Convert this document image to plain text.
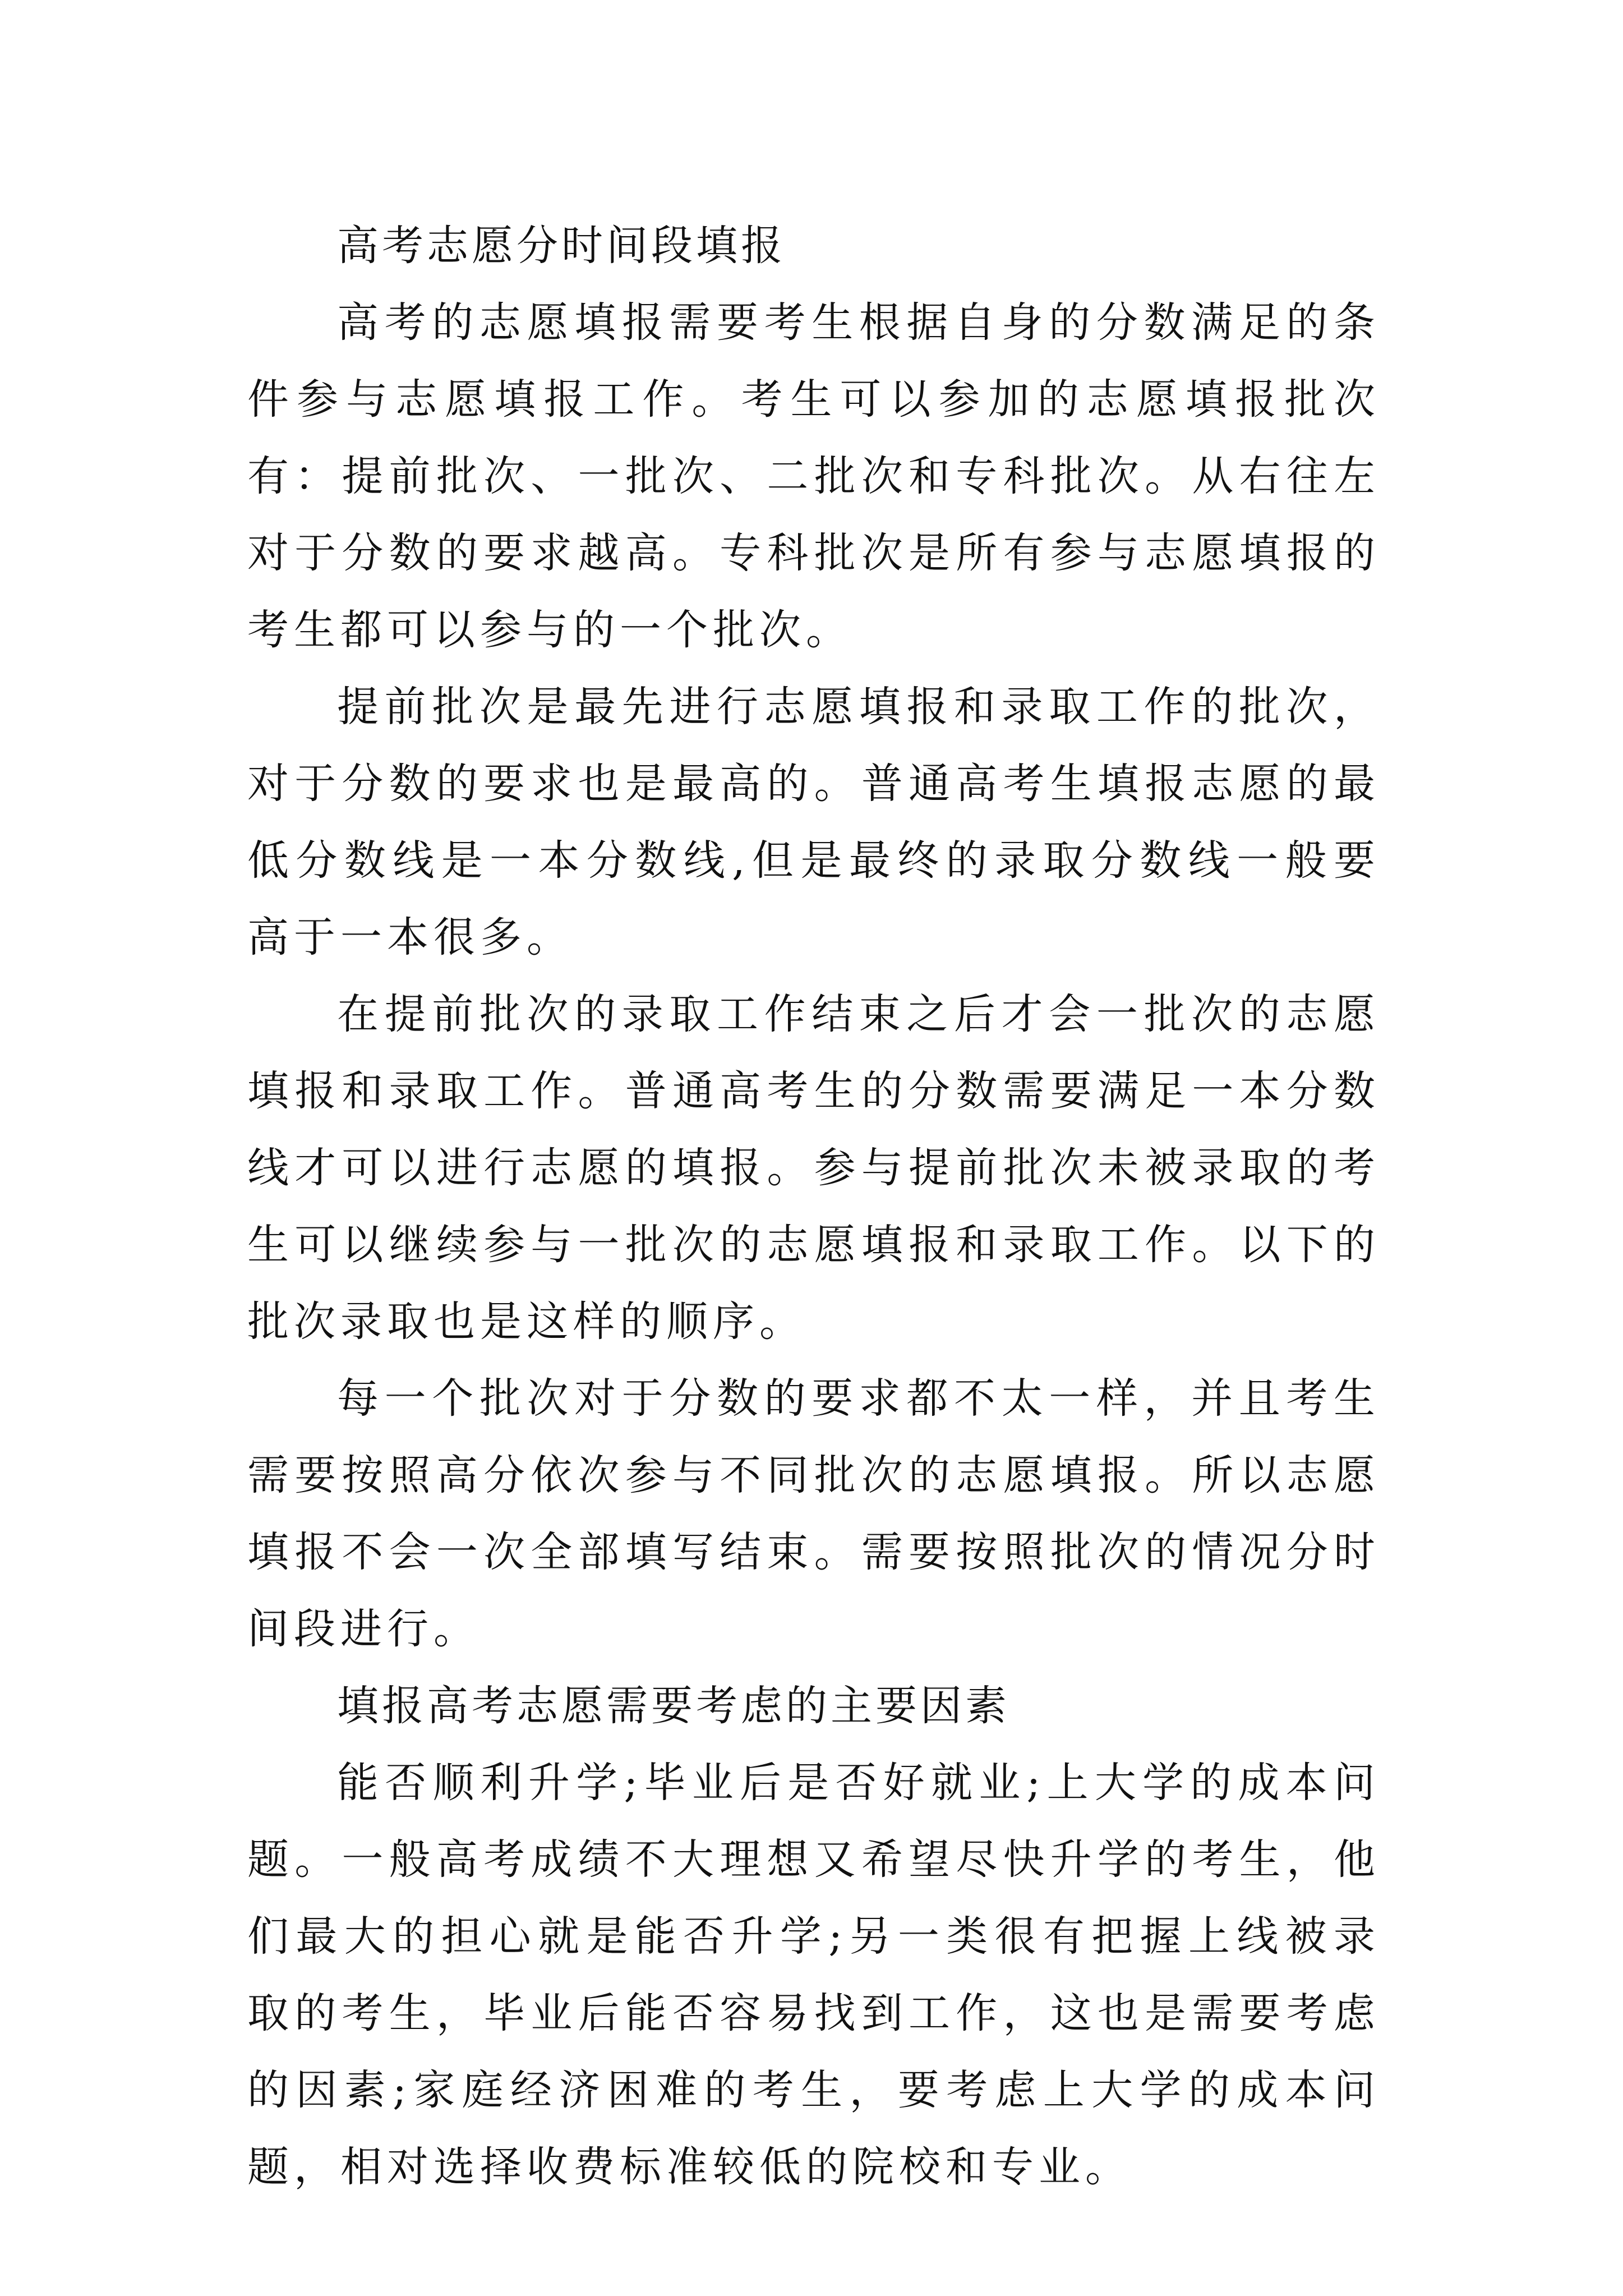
高考志愿分时间段填报

高考的志愿填报需要考生根据自身的分数满足的条件参与志愿填报工作。考生可以参加的志愿填报批次有：提前批次、一批次、二批次和专科批次。从右往左对于分数的要求越高。专科批次是所有参与志愿填报的考生都可以参与的一个批次。

提前批次是最先进行志愿填报和录取工作的批次，对于分数的要求也是最高的。普通高考生填报志愿的最低分数线是一本分数线,但是最终的录取分数线一般要高于一本很多。

在提前批次的录取工作结束之后才会一批次的志愿填报和录取工作。普通高考生的分数需要满足一本分数线才可以进行志愿的填报。参与提前批次未被录取的考生可以继续参与一批次的志愿填报和录取工作。以下的批次录取也是这样的顺序。

每一个批次对于分数的要求都不太一样，并且考生需要按照高分依次参与不同批次的志愿填报。所以志愿填报不会一次全部填写结束。需要按照批次的情况分时间段进行。

填报高考志愿需要考虑的主要因素

能否顺利升学;毕业后是否好就业;上大学的成本问题。一般高考成绩不大理想又希望尽快升学的考生，他们最大的担心就是能否升学;另一类很有把握上线被录取的考生，毕业后能否容易找到工作，这也是需要考虑的因素;家庭经济困难的考生，要考虑上大学的成本问题，相对选择收费标准较低的院校和专业。
